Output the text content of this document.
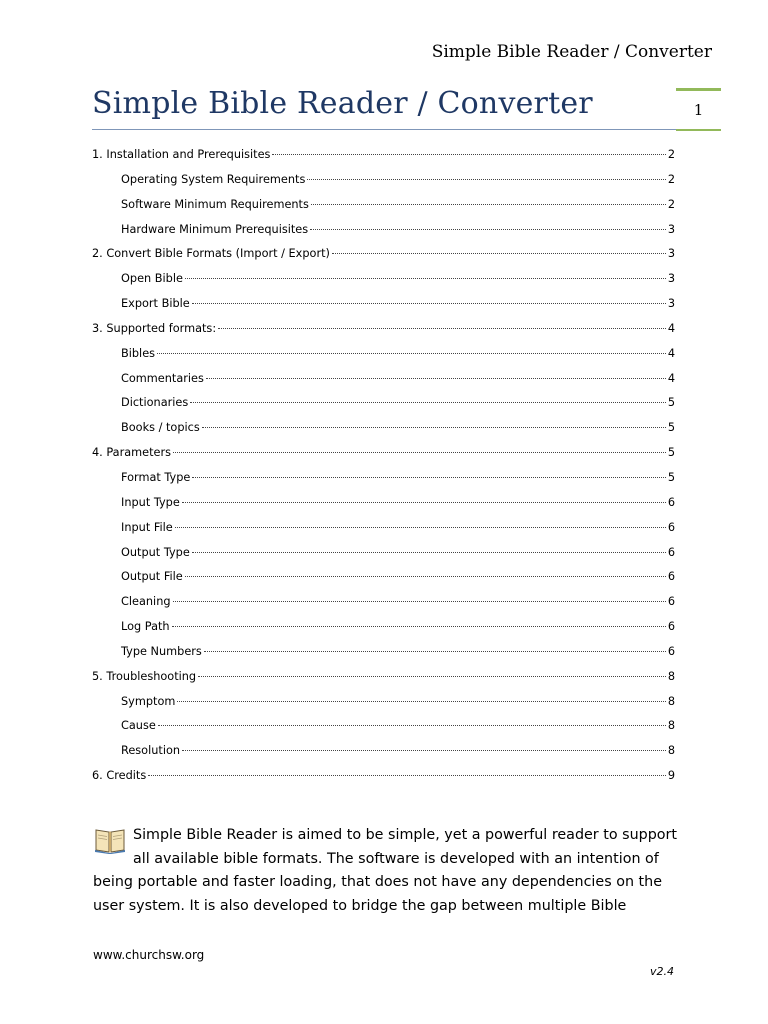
Simple Bible Reader / Converter
Simple Bible Reader / Converter	1
1. Installation and Prerequisites	2
Operating System Requirements	2
Software Minimum Requirements	2
Hardware Minimum Prerequisites	3
2. Convert Bible Formats (Import / Export)	3
Open Bible	3
Export Bible	3
3. Supported formats:	4
Bibles	4
Commentaries	4
Dictionaries	5
Books / topics	5
4. Parameters	5
Format Type	5
Input Type	6
Input File	6
Output Type	6
Output File	6
Cleaning	6
Log Path	6
Type Numbers	6
5. Troubleshooting	8
Symptom	8
Cause	8
Resolution	8
6. Credits	9
Simple Bible Reader is aimed to be simple, yet a powerful reader to support
all available bible formats. The software is developed with an intention of
being portable and faster loading, that does not have any dependencies on the user system. It is also developed to bridge the gap between multiple Bible
www.churchsw.org
v2.4
